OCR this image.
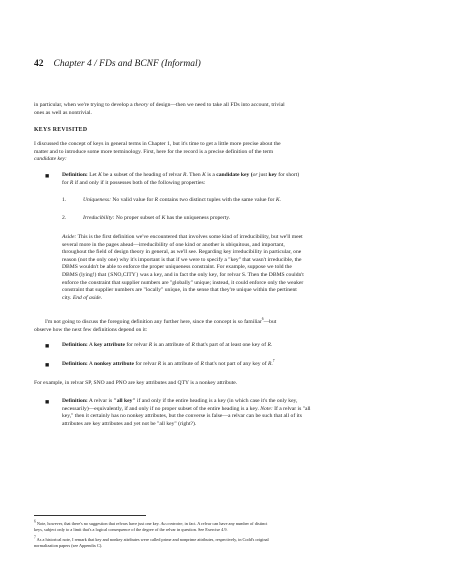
42 Chapter 4 / FDs and BCNF (Informal)
in particular, when we're trying to develop a theory of design—then we need to take all FDs into account, trivial
ones as well as nontrivial.
KEYS REVISITED
I discussed the concept of keys in general terms in Chapter 1, but it's time to get a little more precise about the
matter and to introduce some more terminology. First, here for the record is a precise definition of the term
candidate key:
■ Definition: Let K be a subset of the heading of relvar R. Then K is a candidate key (or just key for short)
for R if and only if it possesses both of the following properties:
1.	Uniqueness: No valid value for R contains two distinct tuples with the same value for K.
2.	Irreducibility: No proper subset of K has the uniqueness property.
Aside: This is the first definition we've encountered that involves some kind of irreducibility, but we'll meet
several more in the pages ahead—irreducibility of one kind or another is ubiquitous, and important,
throughout the field of design theory in general, as we'll see. Regarding key irreducibility in particular, one
reason (not the only one) why it's important is that if we were to specify a "key" that wasn't irreducible, the
DBMS wouldn't be able to enforce the proper uniqueness constraint. For example, suppose we told the
DBMS (lying!) that {SNO,CITY} was a key, and in fact the only key, for relvar S. Then the DBMS couldn't
enforce the constraint that supplier numbers are "globally" unique; instead, it could enforce only the weaker
constraint that supplier numbers are "locally" unique, in the sense that they're unique within the pertinent
city. End of aside.
I'm not going to discuss the foregoing definition any further here, since the concept is so familiar$^6$—but
observe how the next few definitions depend on it:
■ Definition: A key attribute for relvar R is an attribute of R that's part of at least one key of R.
■ Definition: A nonkey attribute for relvar R is an attribute of R that's not part of any key of R.$^7$
For example, in relvar SP, SNO and PNO are key attributes and QTY is a nonkey attribute.
■ Definition: A relvar is "all key" if and only if the entire heading is a key (in which case it's the only key,
necessarily)—equivalently, if and only if no proper subset of the entire heading is a key. Note: If a relvar is "all
key," then it certainly has no nonkey attributes, but the converse is false—a relvar can be such that all of its
attributes are key attributes and yet not be "all key" (right?).
$^6$ Note, however, that there's no suggestion that relvars have just one key. Au contraire, in fact. A relvar can have any number of distinct
keys, subject only to a limit that's a logical consequence of the degree of the relvar in question. See Exercise 4.9.
$^7$ As a historical note, I remark that key and nonkey attributes were called prime and nonprime attributes, respectively, in Codd's original
normalization papers (see Appendix C).
